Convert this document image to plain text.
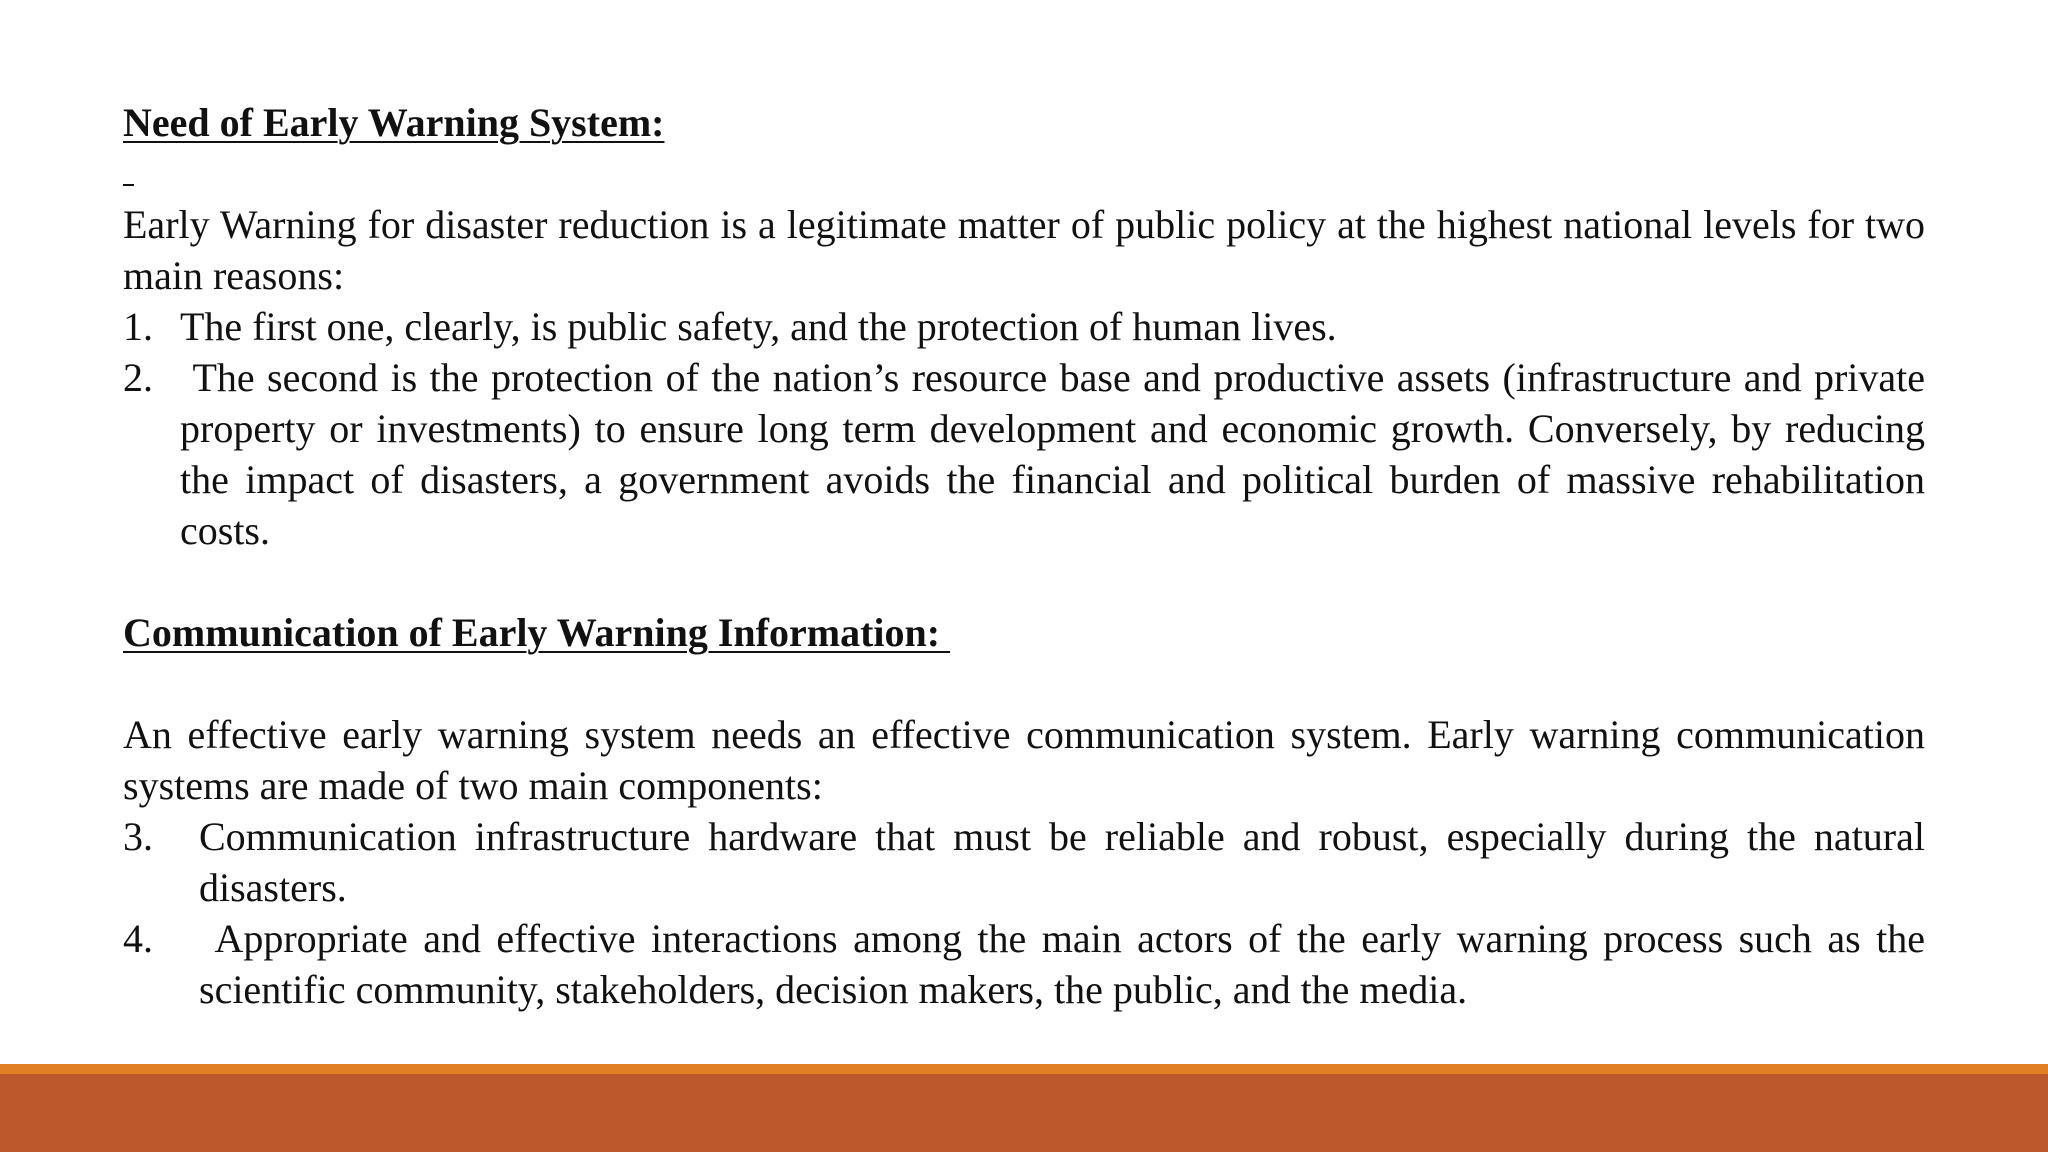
Need of Early Warning System:

Early Warning for disaster reduction is a legitimate matter of public policy at the highest national levels for two main reasons:

1. The first one, clearly, is public safety, and the protection of human lives.
2. The second is the protection of the nation’s resource base and productive assets (infrastructure and private property or investments) to ensure long term development and economic growth. Conversely, by reducing the impact of disasters, a government avoids the financial and political burden of massive rehabilitation costs.

Communication of Early Warning Information:

An effective early warning system needs an effective communication system. Early warning communication systems are made of two main components:

3.	Communication infrastructure hardware that must be reliable and robust, especially during the natural disasters.
4.	Appropriate and effective interactions among the main actors of the early warning process such as the scientific community, stakeholders, decision makers, the public, and the media.
